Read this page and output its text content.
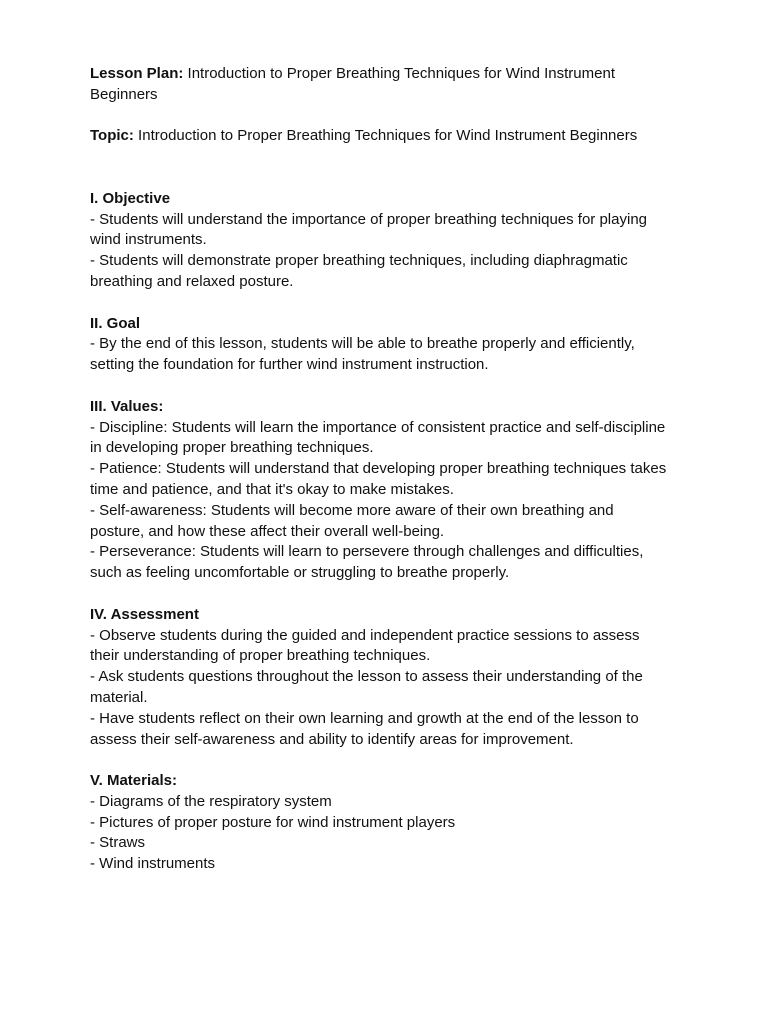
Lesson Plan: Introduction to Proper Breathing Techniques for Wind Instrument Beginners

Topic: Introduction to Proper Breathing Techniques for Wind Instrument Beginners

I. Objective

- Students will understand the importance of proper breathing techniques for playing wind instruments.

- Students will demonstrate proper breathing techniques, including diaphragmatic breathing and relaxed posture.

II. Goal

- By the end of this lesson, students will be able to breathe properly and efficiently, setting the foundation for further wind instrument instruction.

III. Values:

- Discipline: Students will learn the importance of consistent practice and self-discipline in developing proper breathing techniques.

- Patience: Students will understand that developing proper breathing techniques takes time and patience, and that it's okay to make mistakes.

- Self-awareness: Students will become more aware of their own breathing and posture, and how these affect their overall well-being.

- Perseverance: Students will learn to persevere through challenges and difficulties, such as feeling uncomfortable or struggling to breathe properly.

IV. Assessment

- Observe students during the guided and independent practice sessions to assess their understanding of proper breathing techniques.

- Ask students questions throughout the lesson to assess their understanding of the material.

- Have students reflect on their own learning and growth at the end of the lesson to assess their self-awareness and ability to identify areas for improvement.

V. Materials:

- Diagrams of the respiratory system

- Pictures of proper posture for wind instrument players

- Straws

- Wind instruments
